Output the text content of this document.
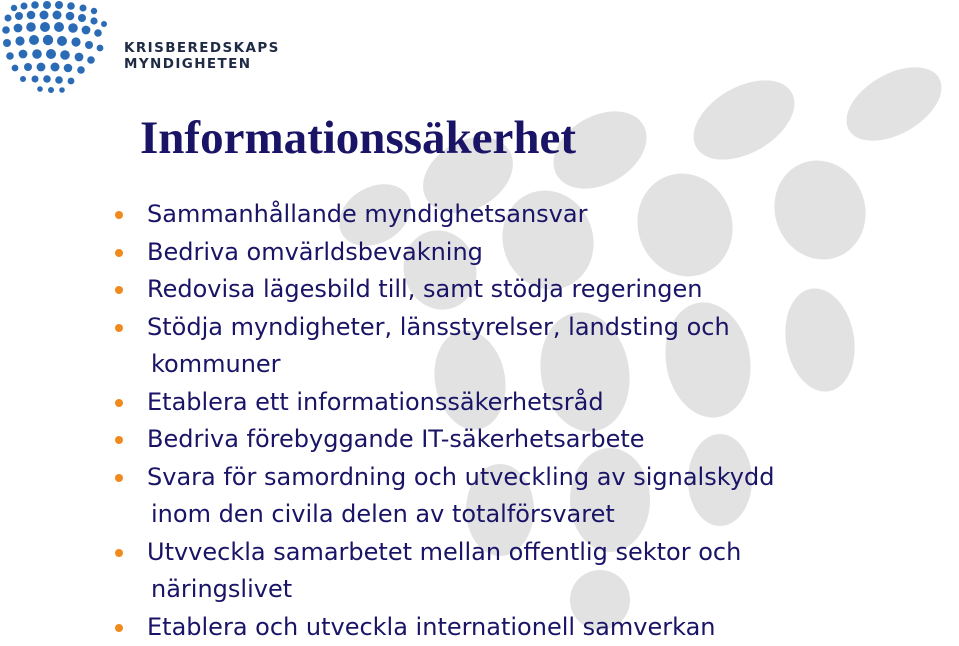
KRISBEREDSKAPS
MYNDIGHETEN
Informationssäkerhet
Sammanhållande myndighetsansvar
Bedriva omvärldsbevakning
Redovisa lägesbild till, samt stödja regeringen
Stödja myndigheter, länsstyrelser, landsting och
kommuner
Etablera ett informationssäkerhetsråd
Bedriva förebyggande IT-säkerhetsarbete
Svara för samordning och utveckling av signalskydd
inom den civila delen av totalförsvaret
Utvveckla samarbetet mellan offentlig sektor och
näringslivet
Etablera och utveckla internationell samverkan
